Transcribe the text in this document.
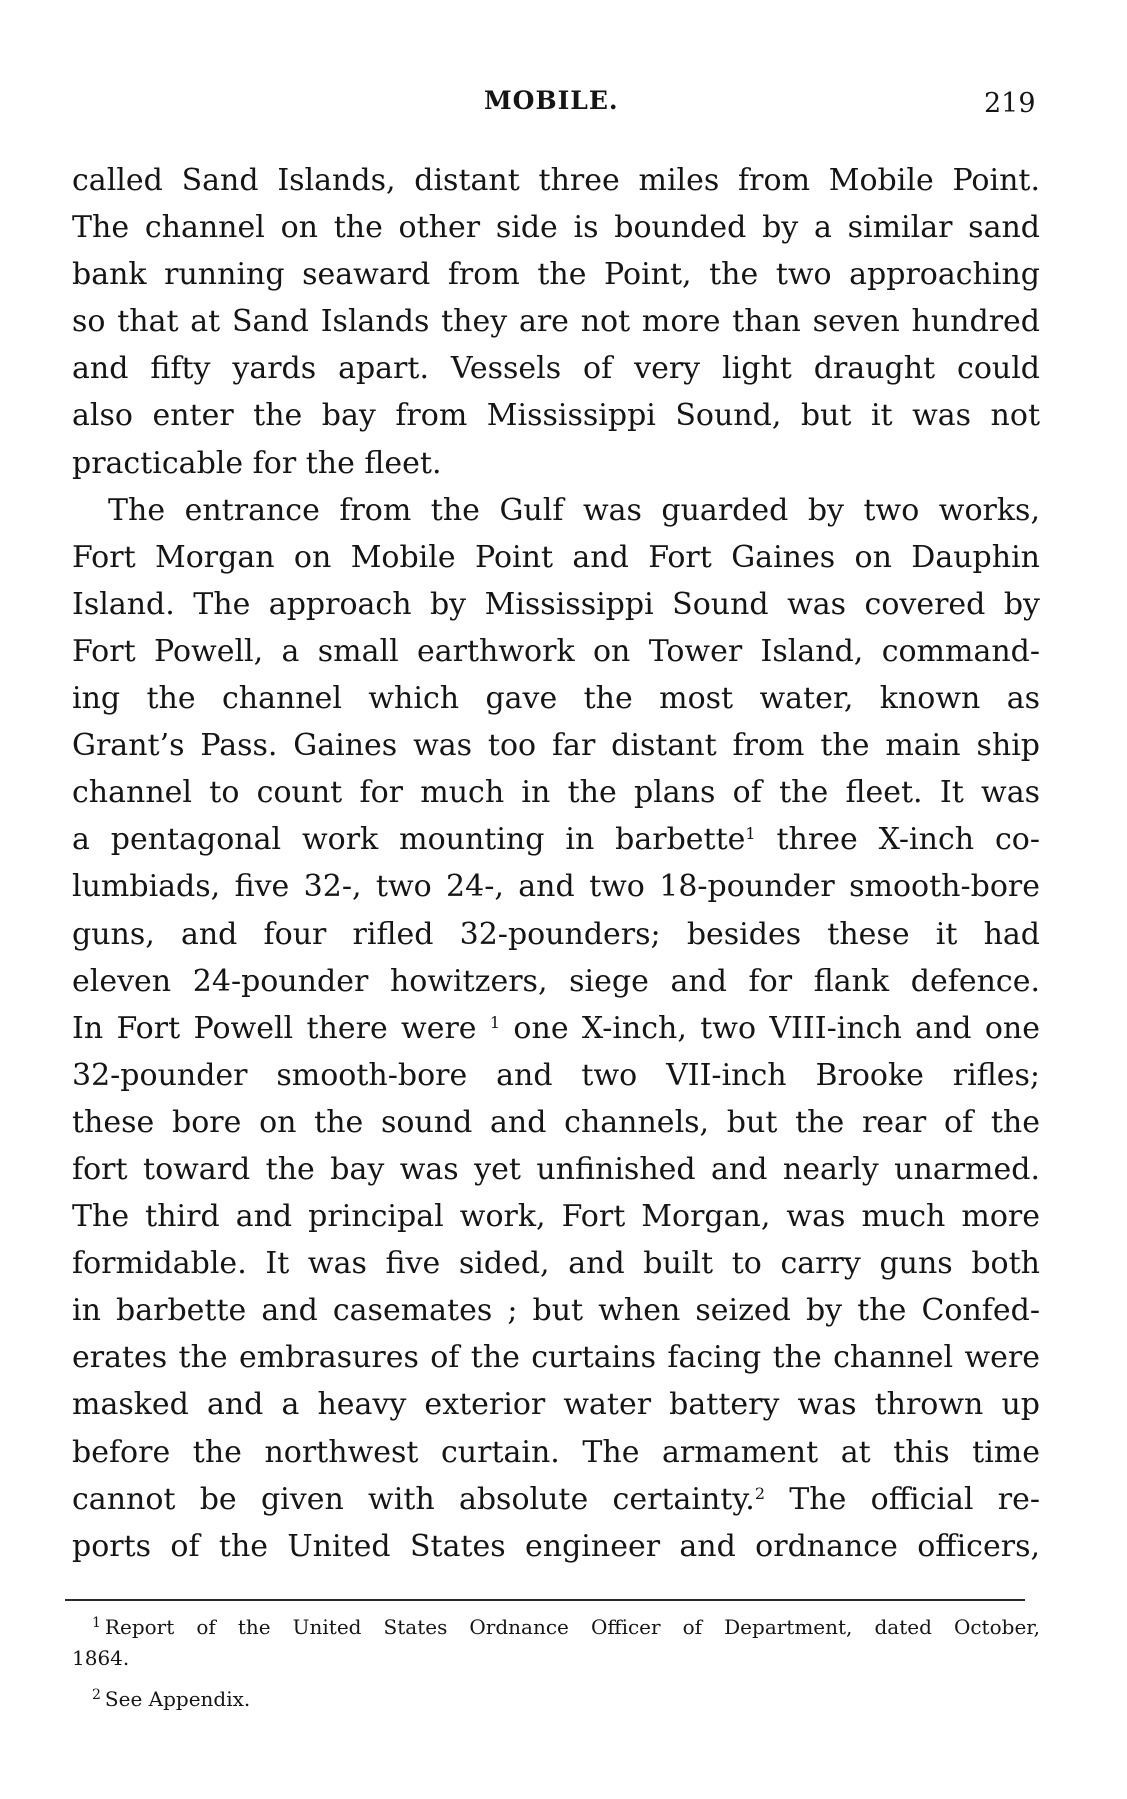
MOBILE.	219
called Sand Islands, distant three miles from Mobile Point.
The channel on the other side is bounded by a similar sand
bank running seaward from the Point, the two approaching
so that at Sand Islands they are not more than seven hundred
and fifty yards apart. Vessels of very light draught could
also enter the bay from Mississippi Sound, but it was not
practicable for the fleet.
The entrance from the Gulf was guarded by two works,
Fort Morgan on Mobile Point and Fort Gaines on Dauphin
Island. The approach by Mississippi Sound was covered by
Fort Powell, a small earthwork on Tower Island, command-
ing the channel which gave the most water, known as
Grant’s Pass. Gaines was too far distant from the main ship
channel to count for much in the plans of the fleet. It was
a pentagonal work mounting in barbette$^1$ three X-inch co-
lumbiads, five 32-, two 24-, and two 18-pounder smooth-bore
guns, and four rifled 32-pounders; besides these it had
eleven 24-pounder howitzers, siege and for flank defence.
In Fort Powell there were $^1$ one X-inch, two VIII-inch and one
32-pounder smooth-bore and two VII-inch Brooke rifles;
these bore on the sound and channels, but the rear of the
fort toward the bay was yet unfinished and nearly unarmed.
The third and principal work, Fort Morgan, was much more
formidable. It was five sided, and built to carry guns both
in barbette and casemates ; but when seized by the Confed-
erates the embrasures of the curtains facing the channel were
masked and a heavy exterior water battery was thrown up
before the northwest curtain. The armament at this time
cannot be given with absolute certainty.$^2$ The official re-
ports of the United States engineer and ordnance officers,
$^1$ Report of the United States Ordnance Officer of Department, dated October,
1864.
$^2$ See Appendix.
